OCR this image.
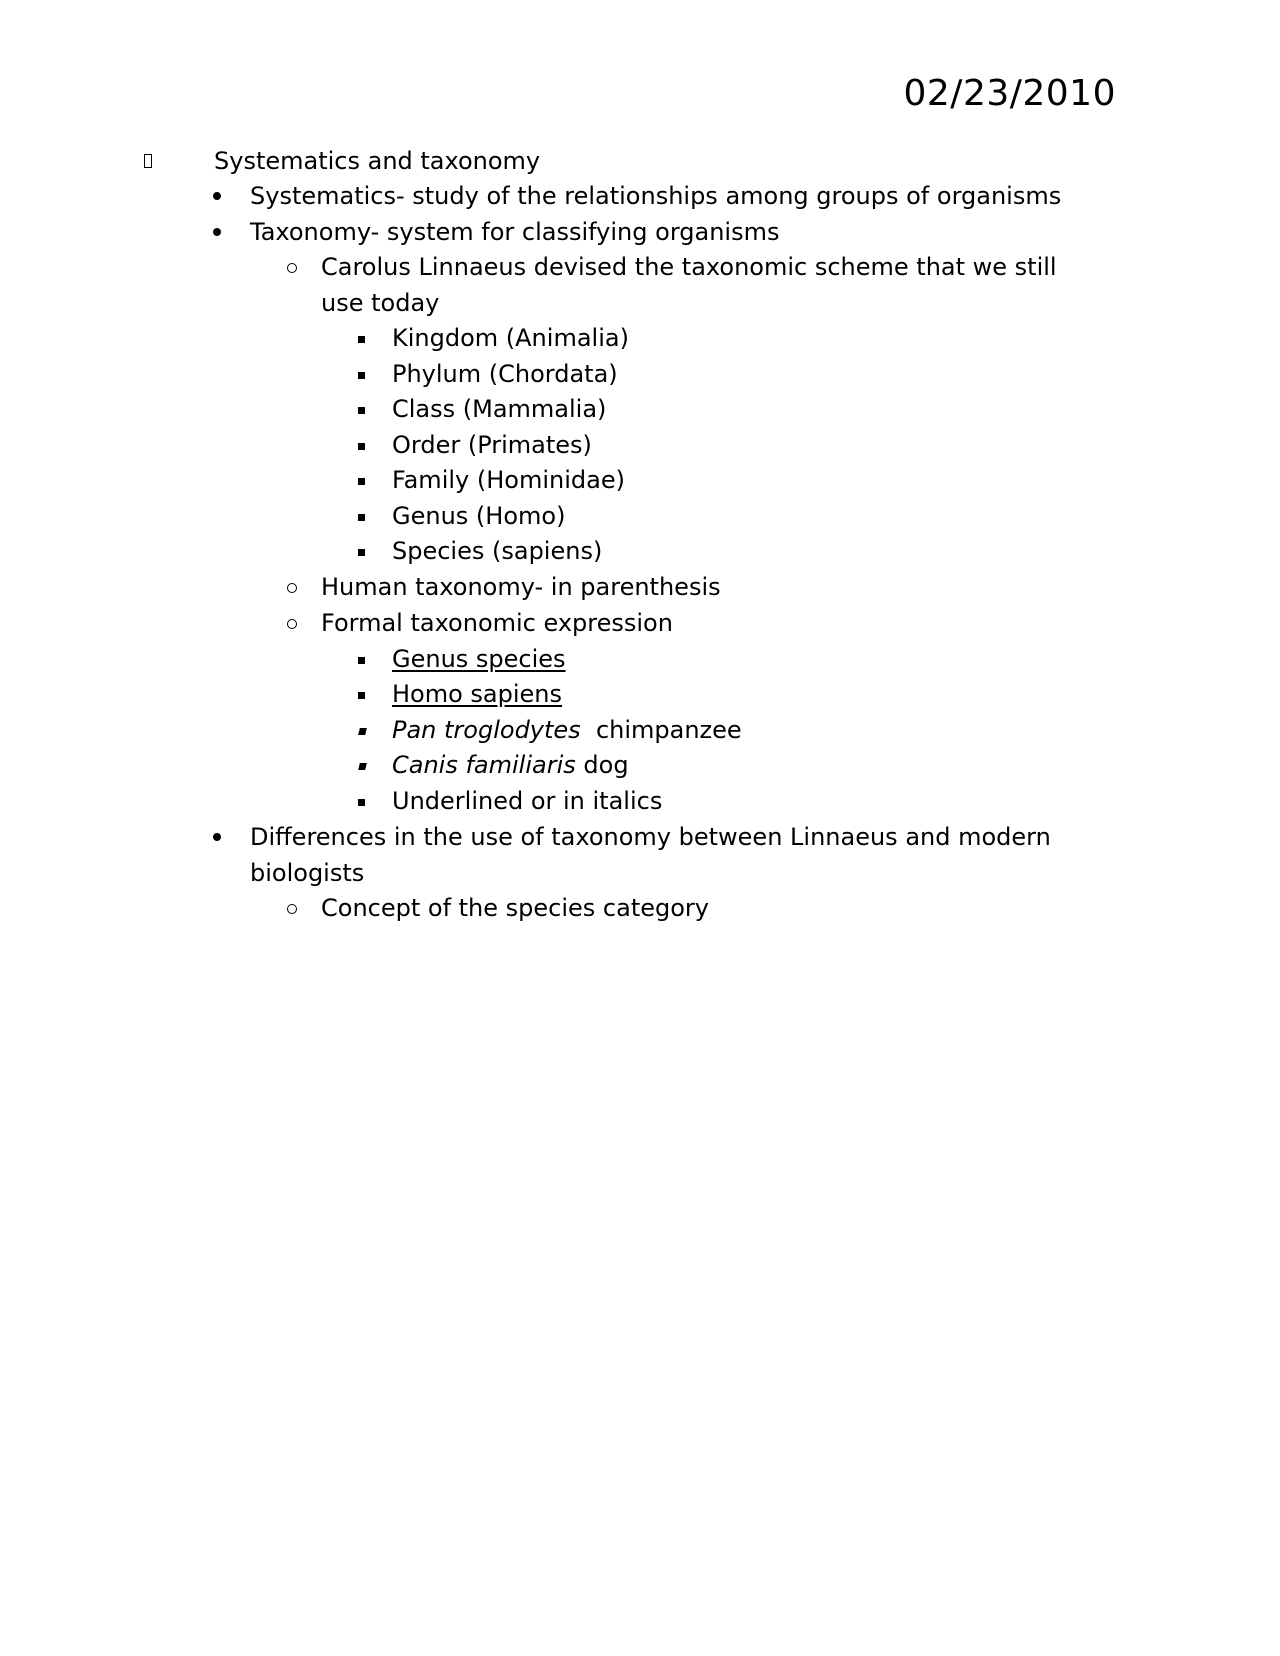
02/23/2010
Systematics and taxonomy
Systematics- study of the relationships among groups of organisms
Taxonomy- system for classifying organisms
Carolus Linnaeus devised the taxonomic scheme that we still
use today
Kingdom (Animalia)
Phylum (Chordata)
Class (Mammalia)
Order (Primates)
Family (Hominidae)
Genus (Homo)
Species (sapiens)
Human taxonomy- in parenthesis
Formal taxonomic expression
Genus species
Homo sapiens
Pan troglodytes chimpanzee
Canis familiaris dog
Underlined or in italics
Differences in the use of taxonomy between Linnaeus and modern
biologists
Concept of the species category
